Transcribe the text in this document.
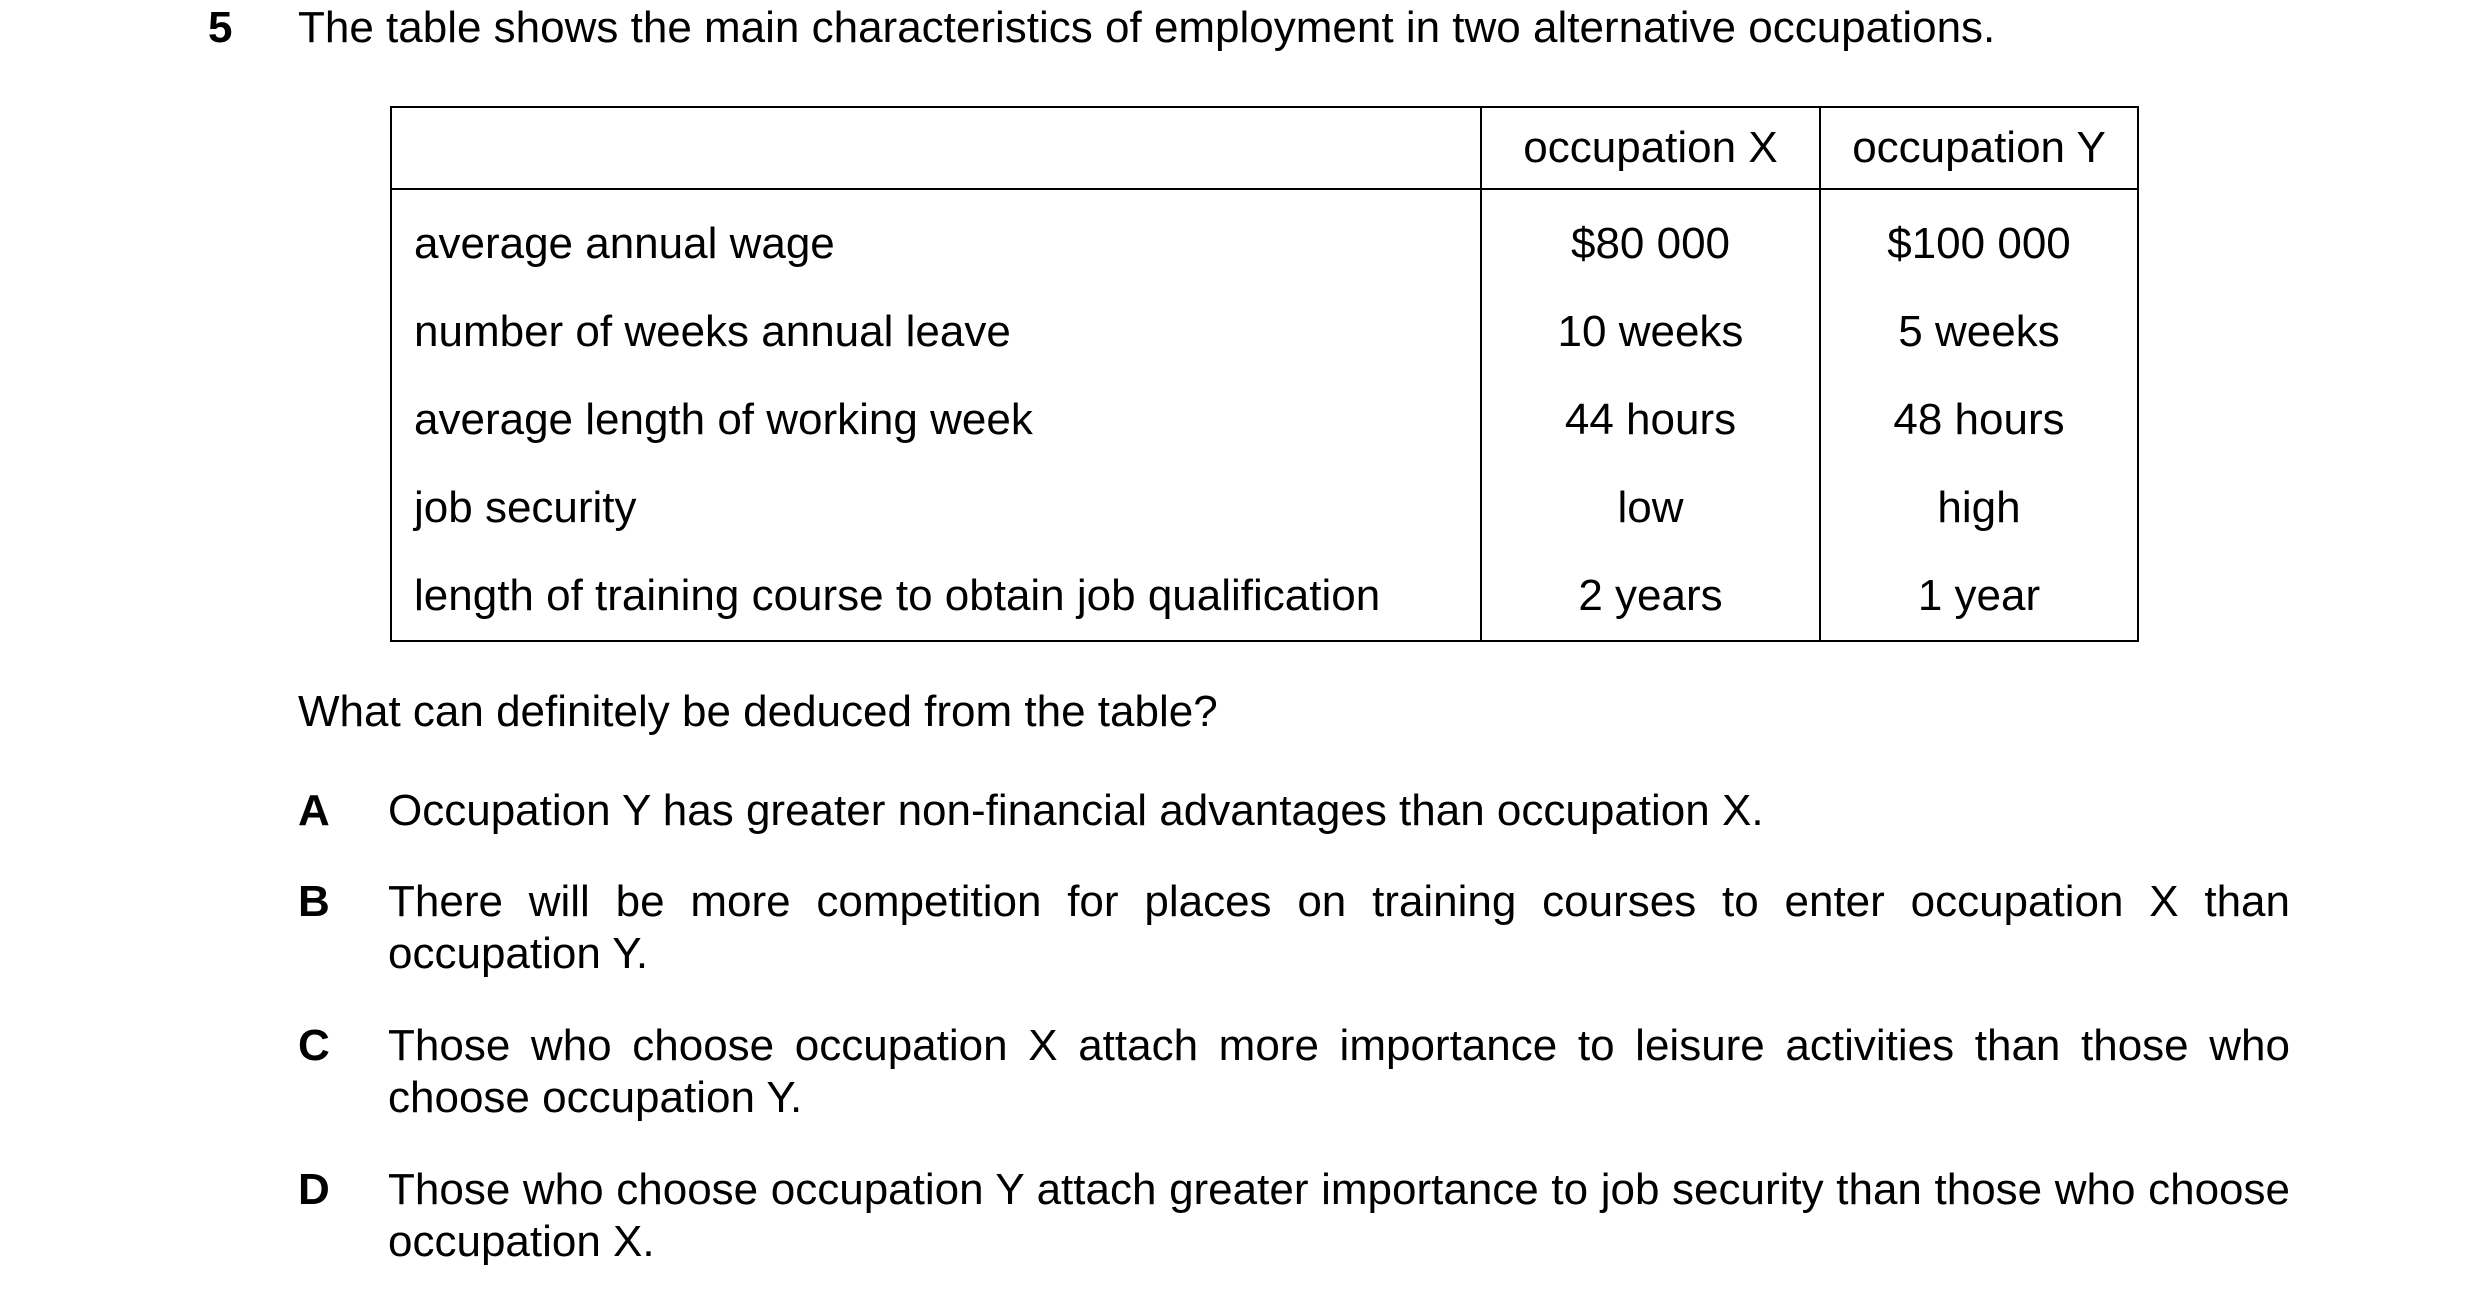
5 The table shows the main characteristics of employment in two alternative occupations.
	occupation X	occupation Y
average annual wage	$80 000	$100 000
number of weeks annual leave	10 weeks	5 weeks
average length of working week	44 hours	48 hours
job security	low	high
length of training course to obtain job qualification	2 years	1 year
What can definitely be deduced from the table?
A Occupation Y has greater non-financial advantages than occupation X.
B There will be more competition for places on training courses to enter occupation X than occupation Y.
C Those who choose occupation X attach more importance to leisure activities than those who choose occupation Y.
D Those who choose occupation Y attach greater importance to job security than those who choose occupation X.
